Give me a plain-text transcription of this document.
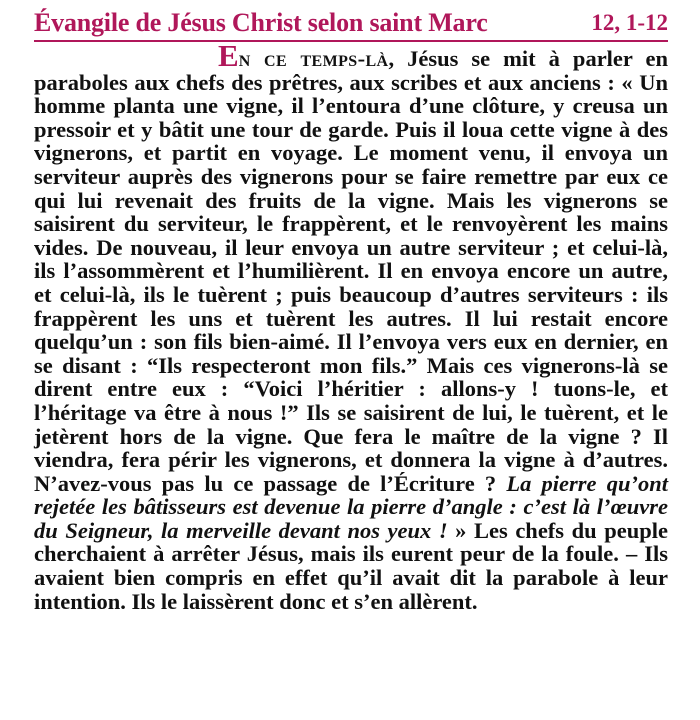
Évangile de Jésus Christ selon saint Marc	12, 1-12
En ce temps-là, Jésus se mit à parler en paraboles aux chefs des prêtres, aux scribes et aux anciens : « Un homme planta une vigne, il l’entoura d’une clôture, y creusa un pressoir et y bâtit une tour de garde. Puis il loua cette vigne à des vignerons, et partit en voyage. Le moment venu, il envoya un serviteur auprès des vignerons pour se faire remettre par eux ce qui lui revenait des fruits de la vigne. Mais les vignerons se saisirent du serviteur, le frappèrent, et le renvoyèrent les mains vides. De nouveau, il leur envoya un autre serviteur ; et celui-là, ils l’assommèrent et l’humilièrent. Il en envoya encore un autre, et celui-là, ils le tuèrent ; puis beaucoup d’autres serviteurs : ils frappèrent les uns et tuèrent les autres. Il lui restait encore quelqu’un : son fils bien-aimé. Il l’envoya vers eux en dernier, en se disant : “Ils respecteront mon fils.” Mais ces vignerons-là se dirent entre eux : “Voici l’héritier : allons-y ! tuons-le, et l’héritage va être à nous !” Ils se saisirent de lui, le tuèrent, et le jetèrent hors de la vigne. Que fera le maître de la vigne ? Il viendra, fera périr les vignerons, et donnera la vigne à d’autres. N’avez-vous pas lu ce passage de l’Écriture ? La pierre qu’ont rejetée les bâtisseurs est devenue la pierre d’angle : c’est là l’œuvre du Seigneur, la merveille devant nos yeux ! » Les chefs du peuple cherchaient à arrêter Jésus, mais ils eurent peur de la foule. – Ils avaient bien compris en effet qu’il avait dit la parabole à leur intention. Ils le laissèrent donc et s’en allèrent.
